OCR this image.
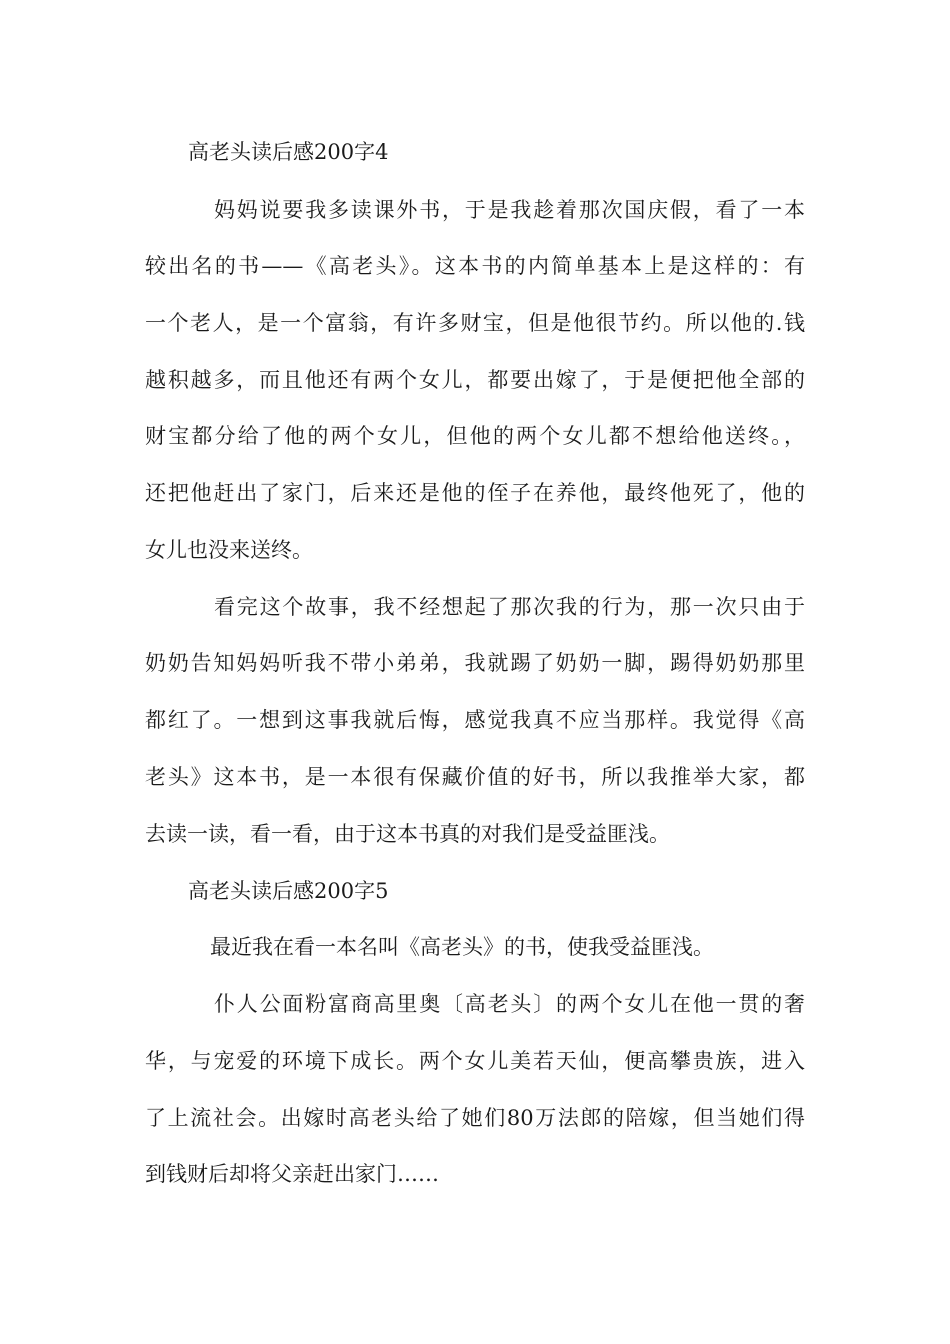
高老头读后感200字4
妈妈说要我多读课外书，于是我趁着那次国庆假，看了一本
较出名的书——《高老头》。这本书的内简单基本上是这样的：有
一个老人，是一个富翁，有许多财宝，但是他很节约。所以他的.钱
越积越多，而且他还有两个女儿，都要出嫁了，于是便把他全部的
财宝都分给了他的两个女儿，但他的两个女儿都不想给他送终。，
还把他赶出了家门，后来还是他的侄子在养他，最终他死了，他的
女儿也没来送终。
看完这个故事，我不经想起了那次我的行为，那一次只由于
奶奶告知妈妈听我不带小弟弟，我就踢了奶奶一脚，踢得奶奶那里
都红了。一想到这事我就后悔，感觉我真不应当那样。我觉得《高
老头》这本书，是一本很有保藏价值的好书，所以我推举大家，都
去读一读，看一看，由于这本书真的对我们是受益匪浅。
高老头读后感200字5
最近我在看一本名叫《高老头》的书，使我受益匪浅。
仆人公面粉富商高里奥〔高老头〕的两个女儿在他一贯的奢
华，与宠爱的环境下成长。两个女儿美若天仙，便高攀贵族，进入
了上流社会。出嫁时高老头给了她们80万法郎的陪嫁，但当她们得
到钱财后却将父亲赶出家门……
